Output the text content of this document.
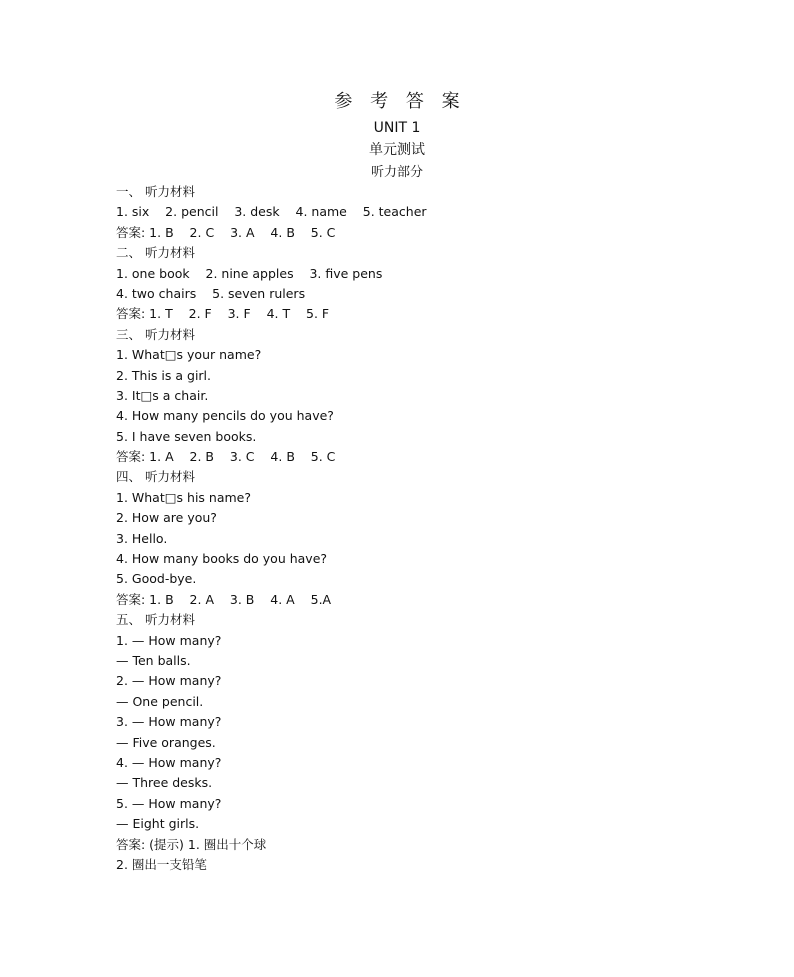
参 考 答 案
UNIT 1
单元测试
听力部分
一、 听力材料
1. six    2. pencil    3. desk    4. name    5. teacher
答案: 1. B    2. C    3. A    4. B    5. C
二、 听力材料
1. one book    2. nine apples    3. five pens
4. two chairs    5. seven rulers
答案: 1. T    2. F    3. F    4. T    5. F
三、 听力材料
1. What□s your name?
2. This is a girl.
3. It□s a chair.
4. How many pencils do you have?
5. I have seven books.
答案: 1. A    2. B    3. C    4. B    5. C
四、 听力材料
1. What□s his name?
2. How are you?
3. Hello.
4. How many books do you have?
5. Good-bye.
答案: 1. B    2. A    3. B    4. A    5.A
五、 听力材料
1. — How many?
— Ten balls.
2. — How many?
— One pencil.
3. — How many?
— Five oranges.
4. — How many?
— Three desks.
5. — How many?
— Eight girls.
答案: (提示) 1. 圈出十个球
2. 圈出一支铅笔
